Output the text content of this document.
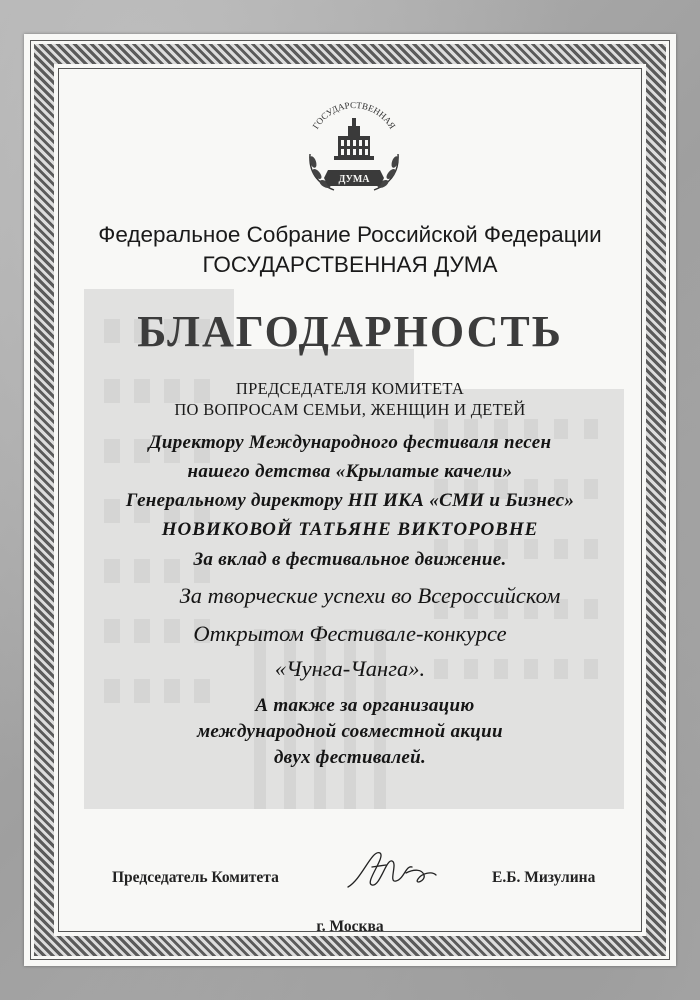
ГОСУДАРСТВЕННАЯ
ДУМА
Федеральное Собрание Российской Федерации
ГОСУДАРСТВЕННАЯ ДУМА
БЛАГОДАРНОСТЬ
ПРЕДСЕДАТЕЛЯ КОМИТЕТА
ПО ВОПРОСАМ СЕМЬИ, ЖЕНЩИН И ДЕТЕЙ
Директору Международного фестиваля песен
нашего детства «Крылатые качели»
Генеральному директору НП ИКА «СМИ и Бизнес»
НОВИКОВОЙ ТАТЬЯНЕ ВИКТОРОВНЕ
За вклад в фестивальное движение.
За творческие успехи во Всероссийском
Открытом Фестивале-конкурсе
«Чунга-Чанга».
А также за организацию
международной совместной акции
двух фестивалей.
Председатель Комитета	Е.Б. Мизулина
г. Москва
